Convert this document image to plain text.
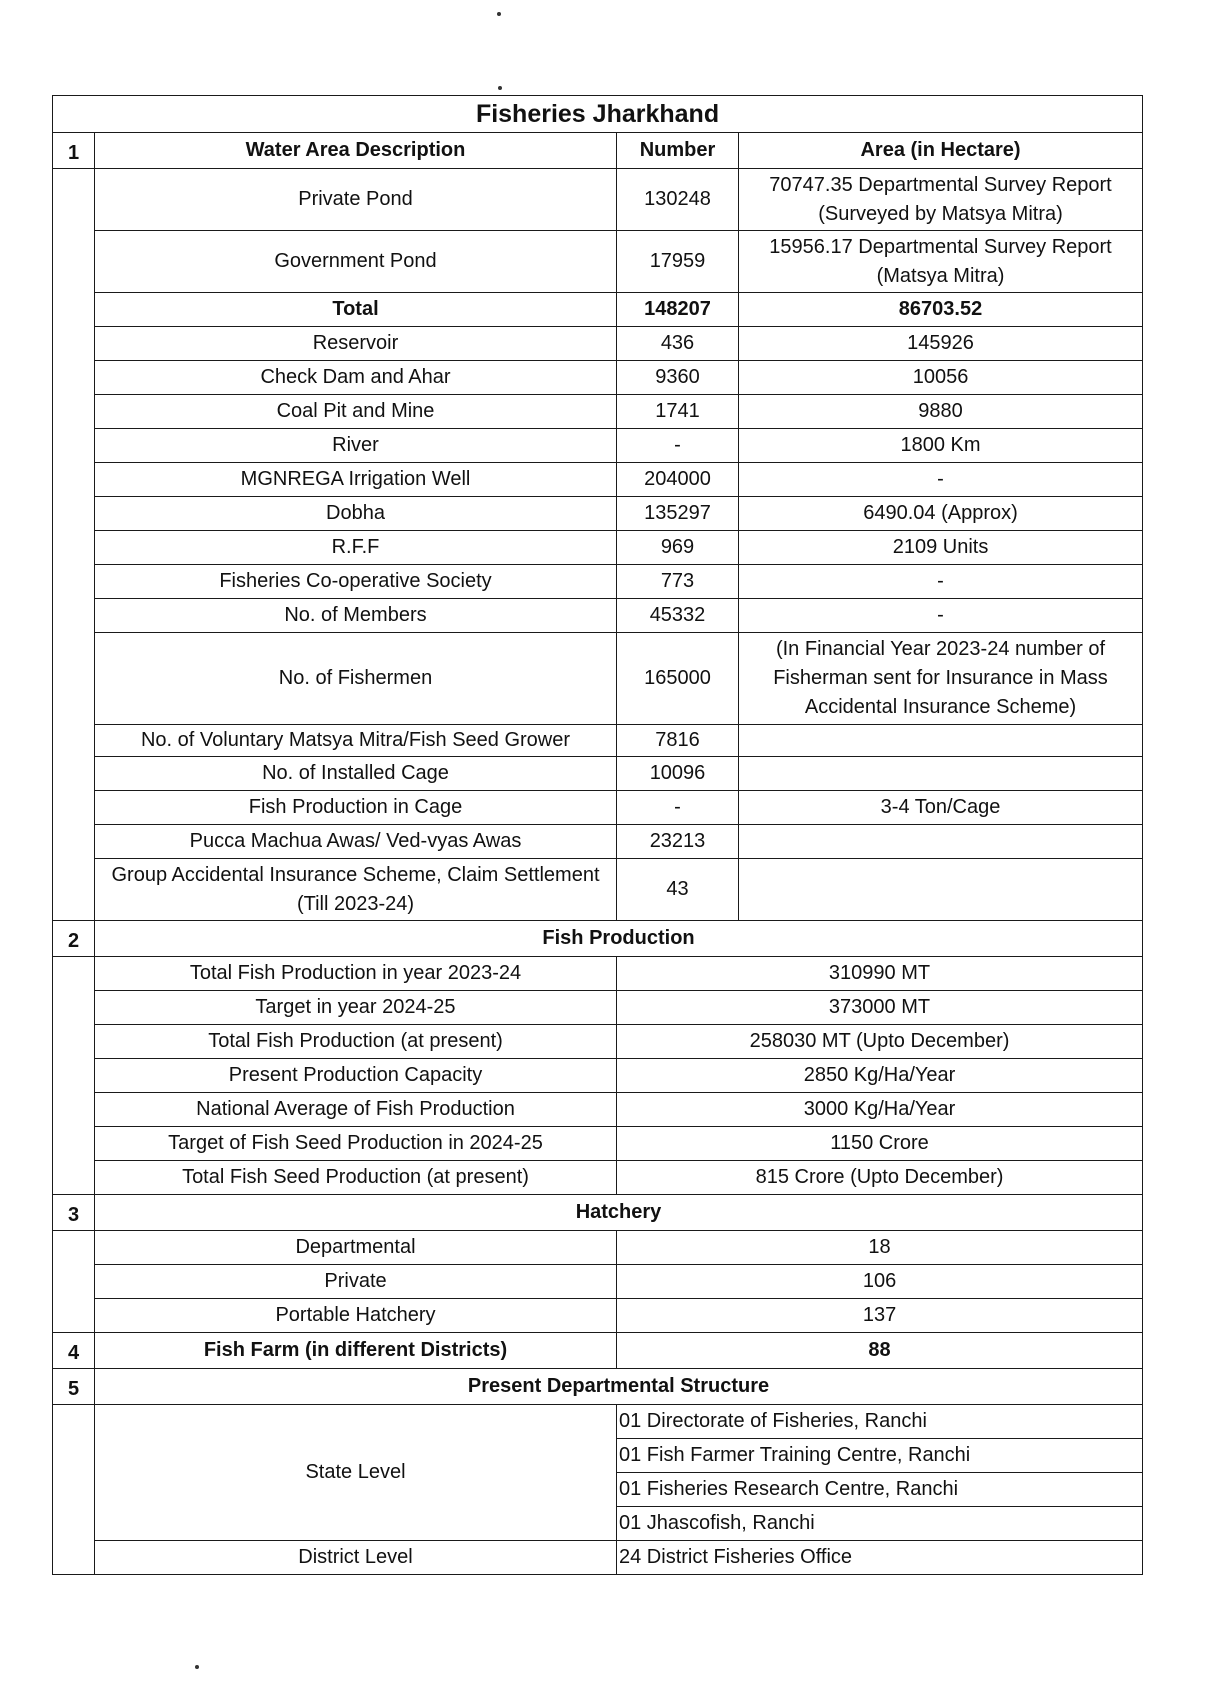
Fisheries Jharkhand			
1	Water Area Description	Number	Area (in Hectare)
	Private Pond	130248	70747.35 Departmental Survey Report (Surveyed by Matsya Mitra)
	Government Pond	17959	15956.17 Departmental Survey Report (Matsya Mitra)
	Total	148207	86703.52
	Reservoir	436	145926
	Check Dam and Ahar	9360	10056
	Coal Pit and Mine	1741	9880
	River	-	1800 Km
	MGNREGA Irrigation Well	204000	-
	Dobha	135297	6490.04 (Approx)
	R.F.F	969	2109 Units
	Fisheries Co-operative Society	773	-
	No. of Members	45332	-
	No. of Fishermen	165000	(In Financial Year 2023-24 number of Fisherman sent for Insurance in Mass Accidental Insurance Scheme)
	No. of Voluntary Matsya Mitra/Fish Seed Grower	7816	
	No. of Installed Cage	10096	
	Fish Production in Cage	-	3-4 Ton/Cage
	Pucca Machua Awas/ Ved-vyas Awas	23213	
	Group Accidental Insurance Scheme, Claim Settlement (Till 2023-24)	43	
2	Fish Production		
	Total Fish Production in year 2023-24	310990 MT	
	Target in year 2024-25	373000 MT	
	Total Fish Production (at present)	258030 MT (Upto December)	
	Present Production Capacity	2850 Kg/Ha/Year	
	National Average of Fish Production	3000 Kg/Ha/Year	
	Target of Fish Seed Production in 2024-25	1150 Crore	
	Total Fish Seed Production (at present)	815 Crore (Upto December)	
3	Hatchery		
	Departmental	18	
	Private	106	
	Portable Hatchery	137	
4	Fish Farm (in different Districts)	88	
5	Present Departmental Structure		
	State Level	01 Directorate of Fisheries, Ranchi	
		01 Fish Farmer Training Centre, Ranchi	
		01 Fisheries Research Centre, Ranchi	
		01 Jhascofish, Ranchi	
	District Level	24 District Fisheries Office	
